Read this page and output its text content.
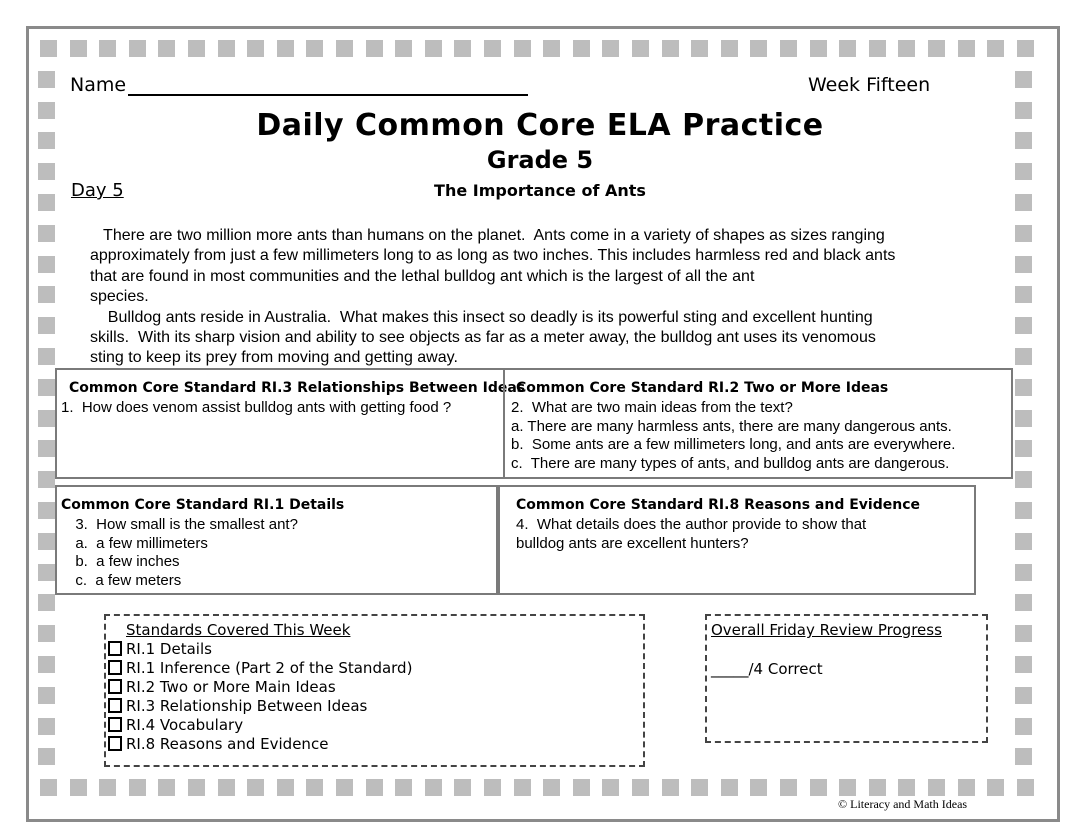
Name	Week Fifteen
Daily Common Core ELA Practice
Grade 5
Day 5	The Importance of Ants

There are two million more ants than humans on the planet.  Ants come in a variety of shapes as sizes ranging

approximately from just a few millimeters long to as long as two inches. This includes harmless red and black ants

that are found in most communities and the lethal bulldog ant which is the largest of all the ant

species.

Bulldog ants reside in Australia.  What makes this insect so deadly is its powerful sting and excellent hunting

skills.  With its sharp vision and ability to see objects as far as a meter away, the bulldog ant uses its venomous

sting to keep its prey from moving and getting away.

Common Core Standard RI.3 Relationships Between Ideas
1.  How does venom assist bulldog ants with getting food ?
Common Core Standard RI.2 Two or More Ideas
2.  What are two main ideas from the text?
a. There are many harmless ants, there are many dangerous ants.
b.  Some ants are a few millimeters long, and ants are everywhere.
c.  There are many types of ants, and bulldog ants are dangerous.
Common Core Standard RI.1 Details
3.  How small is the smallest ant?
a.  a few millimeters
b.  a few inches
c.  a few meters
Common Core Standard RI.8 Reasons and Evidence
4.  What details does the author provide to show that
bulldog ants are excellent hunters?
Standards Covered This Week
RI.1 Details
RI.1 Inference (Part 2 of the Standard)
RI.2 Two or More Main Ideas
RI.3 Relationship Between Ideas
RI.4 Vocabulary
RI.8 Reasons and Evidence
Overall Friday Review Progress
_____/4 Correct
© Literacy and Math Ideas
